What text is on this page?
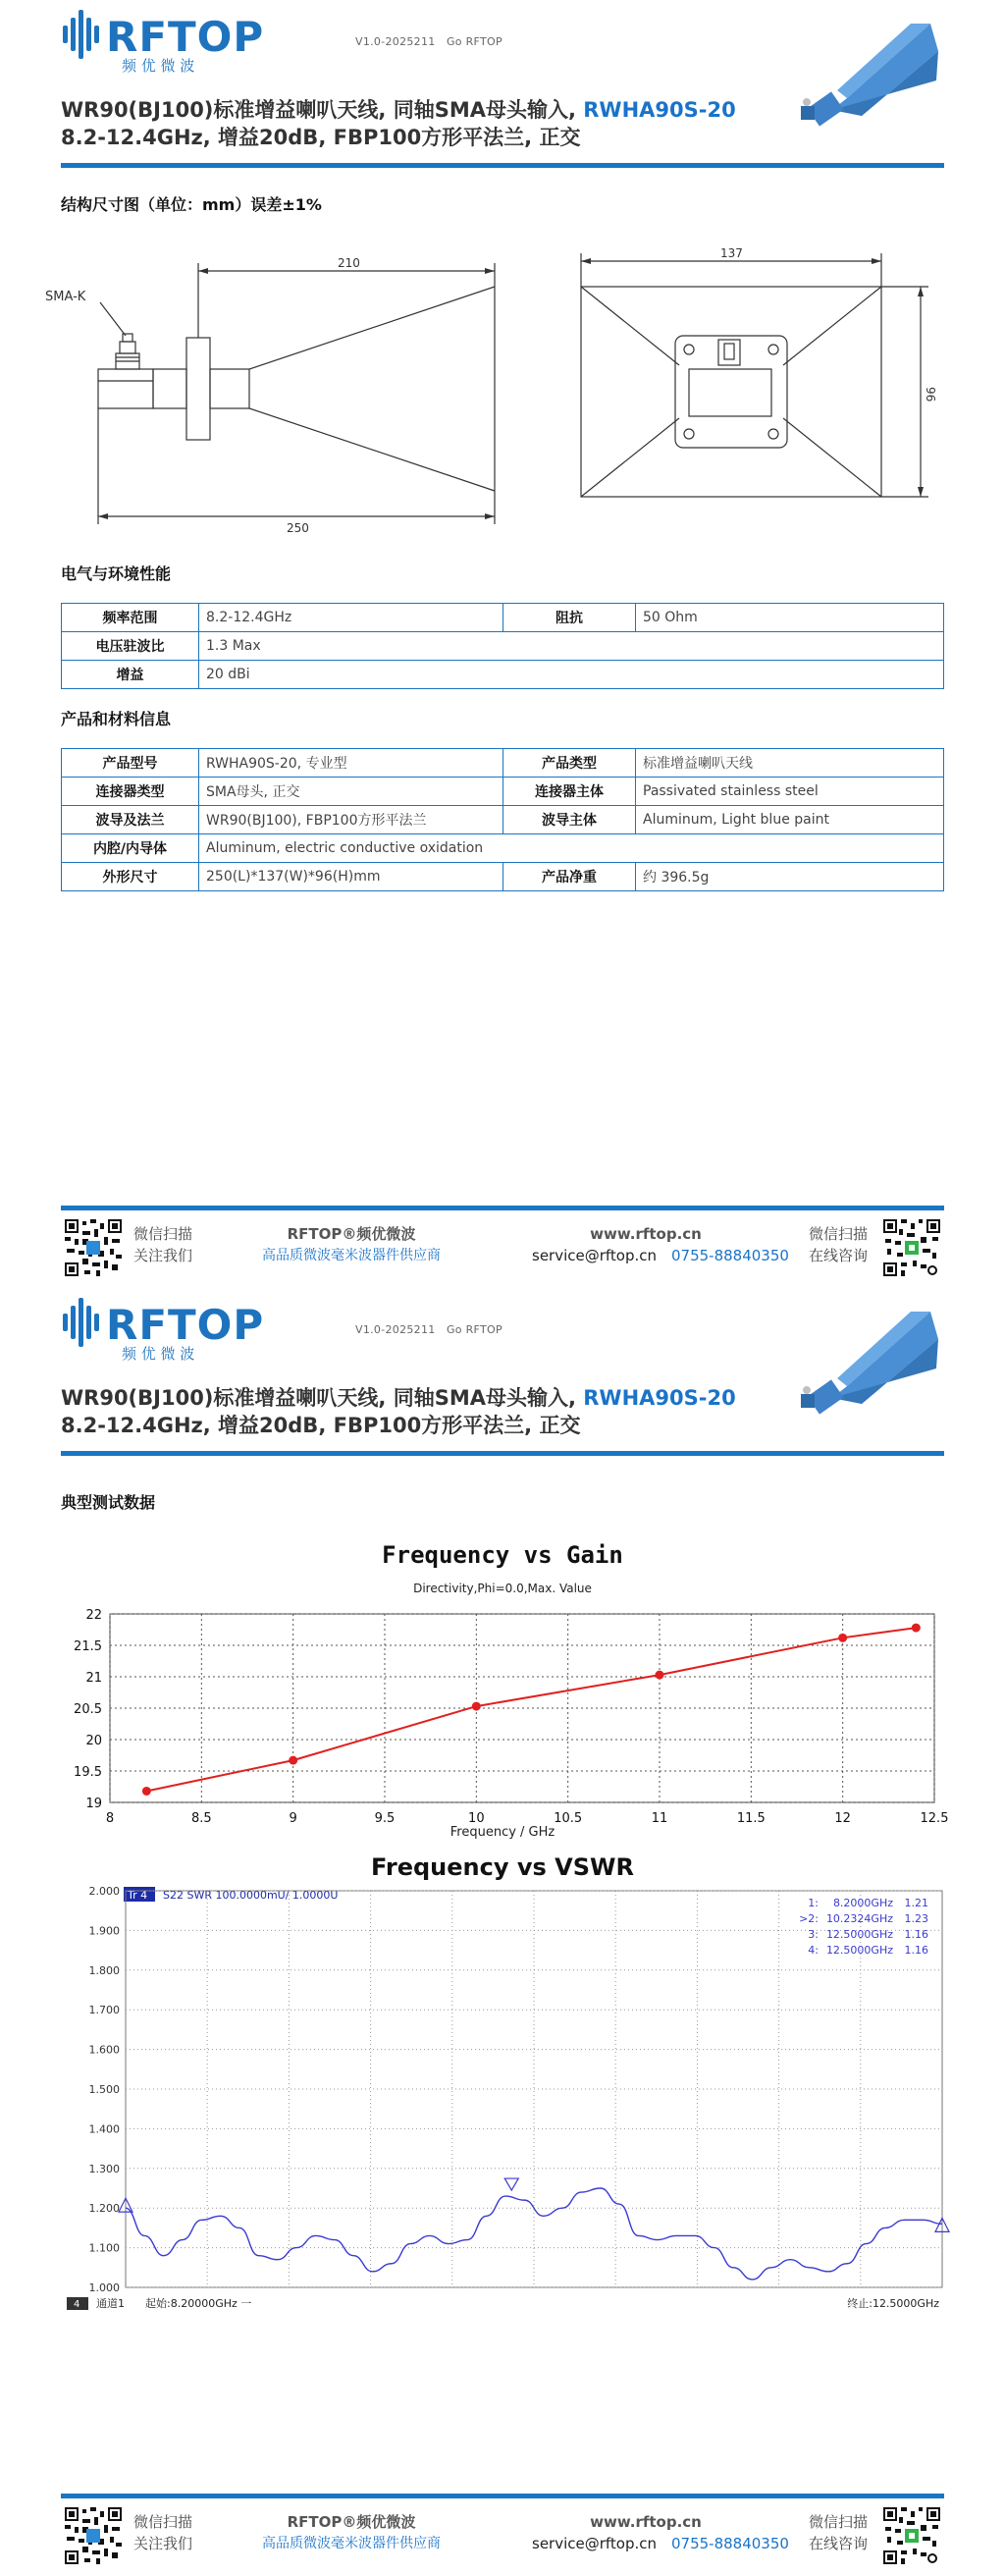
RFTOP
频 优 微 波
V1.0-2025211 Go RFTOP
WR90(BJ100)标准增益喇叭天线, 同轴SMA母头输入, RWHA90S-20
8.2-12.4GHz, 增益20dB, FBP100方形平法兰, 正交
结构尺寸图（单位：mm）误差±1%
SMA-K
210
250
137
96
电气与环境性能
频率范围	8.2-12.4GHz	阻抗	50 Ohm
电压驻波比	1.3 Max		
增益	20 dBi		
产品和材料信息
产品型号	RWHA90S-20, 专业型	产品类型	标准增益喇叭天线
连接器类型	SMA母头, 正交	连接器主体	Passivated stainless steel
波导及法兰	WR90(BJ100), FBP100方形平法兰	波导主体	Aluminum, Light blue paint
内腔/内导体	Aluminum, electric conductive oxidation		
外形尺寸	250(L)*137(W)*96(H)mm	产品净重	约 396.5g
微信扫描
关注我们
RFTOP®频优微波
高品质微波毫米波器件供应商
www.rftop.cn
service@rftop.cn 0755-88840350
微信扫描
在线咨询
RFTOP
频 优 微 波
V1.0-2025211 Go RFTOP
WR90(BJ100)标准增益喇叭天线, 同轴SMA母头输入, RWHA90S-20
8.2-12.4GHz, 增益20dB, FBP100方形平法兰, 正交
典型测试数据
Frequency vs Gain
Directivity,Phi=0.0,Max. Value
8	8.5	9	9.5	10	10.5	11	11.5	12	12.5
19
19.5
20
20.5
21
21.5
22
Frequency / GHz
Frequency vs VSWR
Tr 4 S22 SWR 100.0000mU/ 1.0000U
2.000
1.900
1.800
1.700
1.600
1.500
1.400
1.300
1.200
1.100
1.000
1: 8.2000GHz 1.21
>2: 10.2324GHz 1.23
3: 12.5000GHz 1.16
4: 12.5000GHz 1.16
4 通道1 起始:8.20000GHz 一	终止:12.5000GHz
微信扫描
关注我们
RFTOP®频优微波
高品质微波毫米波器件供应商
www.rftop.cn
service@rftop.cn 0755-88840350
微信扫描
在线咨询
